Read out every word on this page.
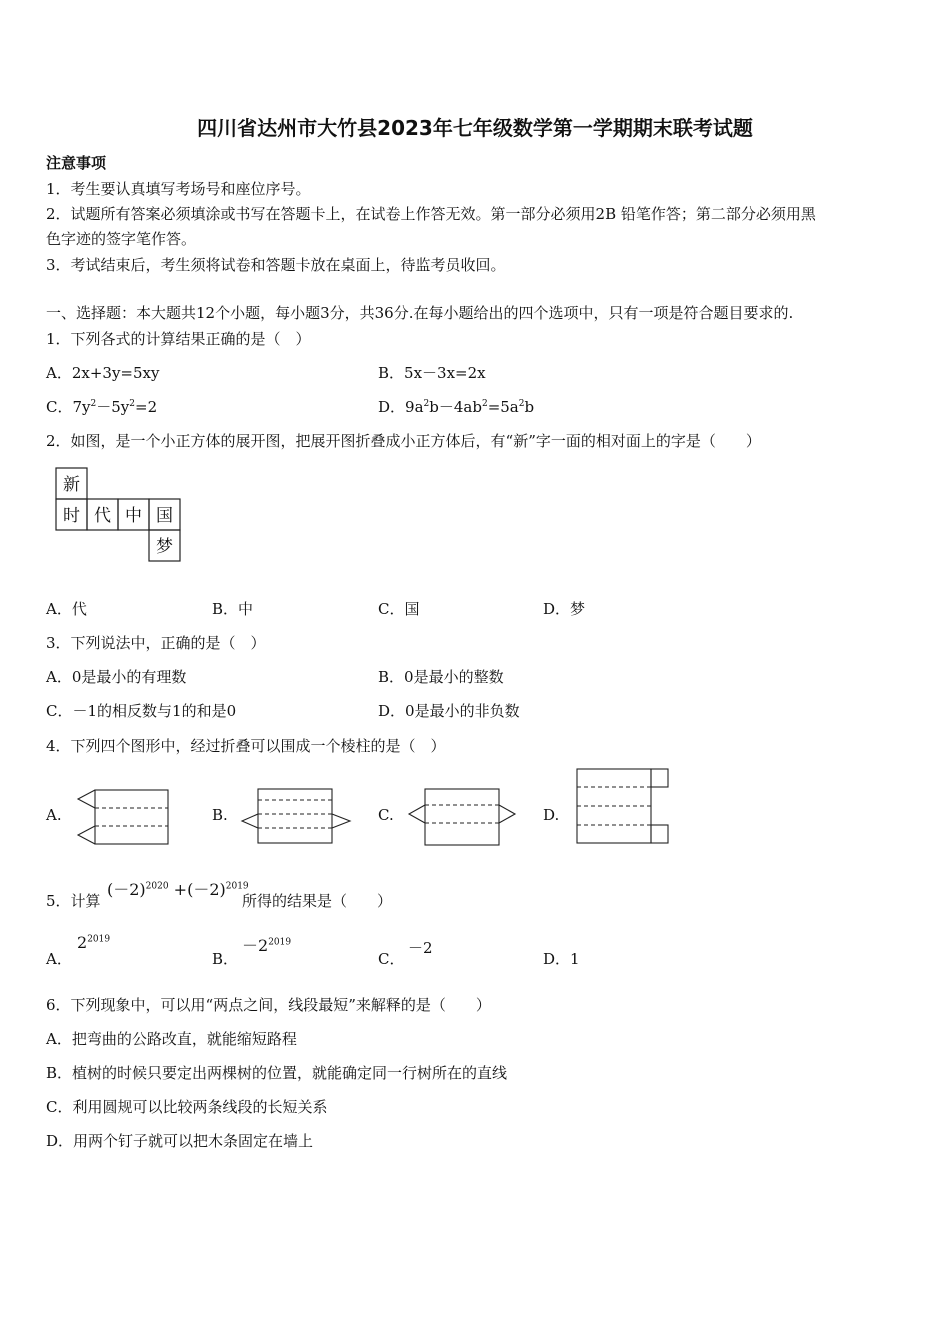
四川省达州市大竹县2023年七年级数学第一学期期末联考试题
注意事项
1．考生要认真填写考场号和座位序号。
2．试题所有答案必须填涂或书写在答题卡上，在试卷上作答无效。第一部分必须用2B 铅笔作答；第二部分必须用黑
色字迹的签字笔作答。
3．考试结束后，考生须将试卷和答题卡放在桌面上，待监考员收回。
一、选择题：本大题共12个小题，每小题3分，共36分.在每小题给出的四个选项中，只有一项是符合题目要求的.
1．下列各式的计算结果正确的是（　）
A．2x+3y=5xy	B．5x－3x=2x
C．$7y^2-5y^2=2$	D．$9a^2b-4ab^2=5a^2b$
2．如图，是一个小正方体的展开图，把展开图折叠成小正方体后，有“新”字一面的相对面上的字是（　　）
新
时 代 中 国
梦
A．代	B．中	C．国	D．梦
3．下列说法中，正确的是（　）
A．0是最小的有理数	B．0是最小的整数
C．－1的相反数与1的和是0	D．0是最小的非负数
4．下列四个图形中，经过折叠可以围成一个棱柱的是（　）
A.	B.	C.	D.
5．计算
$(-2)^{2020} +(-2)^{2019}$
所得的结果是（　　）
A．
$2^{2019}$
B．
$-2^{2019}$
C．
－2
D．1
6．下列现象中，可以用“两点之间，线段最短”来解释的是（　　）
A．把弯曲的公路改直，就能缩短路程
B．植树的时候只要定出两棵树的位置，就能确定同一行树所在的直线
C．利用圆规可以比较两条线段的长短关系
D．用两个钉子就可以把木条固定在墙上
